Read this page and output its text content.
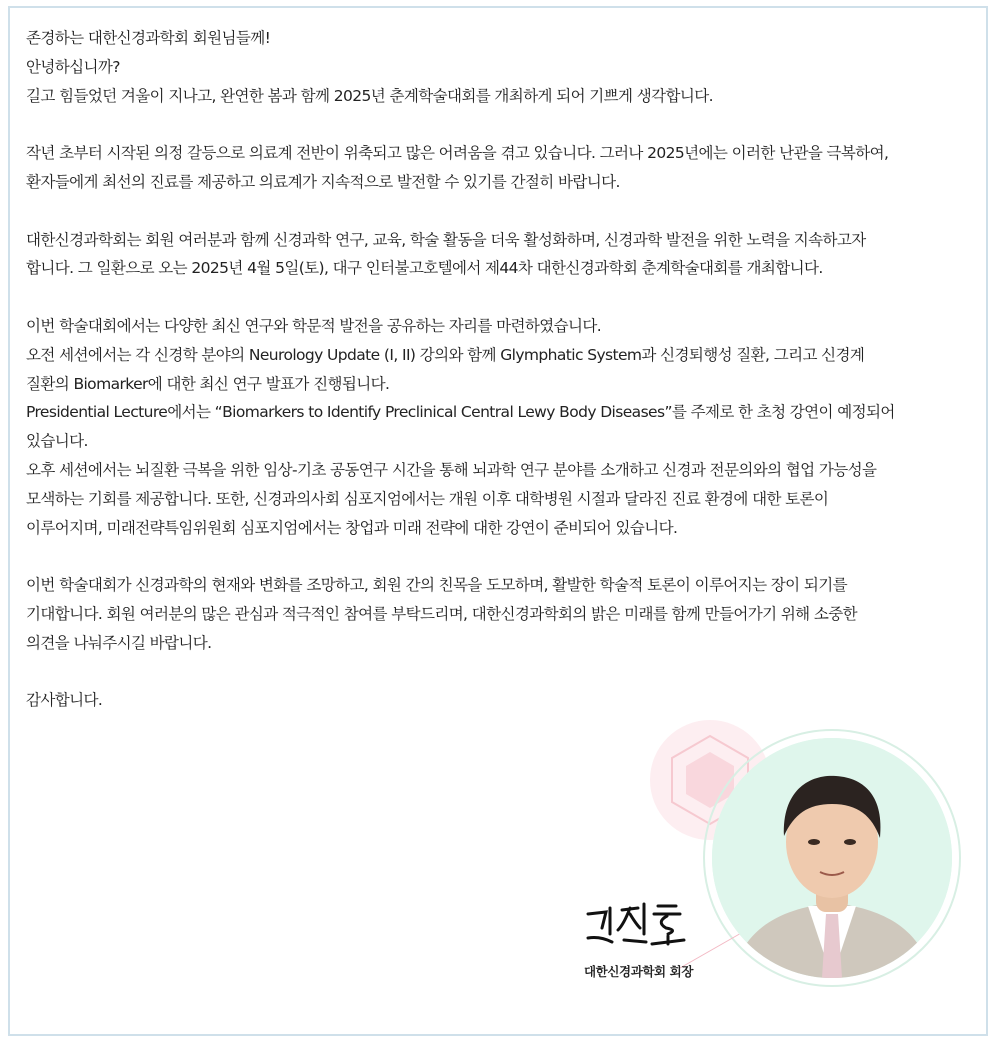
존경하는 대한신경과학회 회원님들께!
안녕하십니까?
길고 힘들었던 겨울이 지나고, 완연한 봄과 함께 2025년 춘계학술대회를 개최하게 되어 기쁘게 생각합니다.
작년 초부터 시작된 의정 갈등으로 의료계 전반이 위축되고 많은 어려움을 겪고 있습니다. 그러나 2025년에는 이러한 난관을 극복하여,
환자들에게 최선의 진료를 제공하고 의료계가 지속적으로 발전할 수 있기를 간절히 바랍니다.
대한신경과학회는 회원 여러분과 함께 신경과학 연구, 교육, 학술 활동을 더욱 활성화하며, 신경과학 발전을 위한 노력을 지속하고자
합니다. 그 일환으로 오는 2025년 4월 5일(토), 대구 인터불고호텔에서 제44차 대한신경과학회 춘계학술대회를 개최합니다.
이번 학술대회에서는 다양한 최신 연구와 학문적 발전을 공유하는 자리를 마련하였습니다.
오전 세션에서는 각 신경학 분야의 Neurology Update (I, II) 강의와 함께 Glymphatic System과 신경퇴행성 질환, 그리고 신경계
질환의 Biomarker에 대한 최신 연구 발표가 진행됩니다.
Presidential Lecture에서는 “Biomarkers to Identify Preclinical Central Lewy Body Diseases”를 주제로 한 초청 강연이 예정되어
있습니다.
오후 세션에서는 뇌질환 극복을 위한 임상-기초 공동연구 시간을 통해 뇌과학 연구 분야를 소개하고 신경과 전문의와의 협업 가능성을
모색하는 기회를 제공합니다. 또한, 신경과의사회 심포지엄에서는 개원 이후 대학병원 시절과 달라진 진료 환경에 대한 토론이
이루어지며, 미래전략특임위원회 심포지엄에서는 창업과 미래 전략에 대한 강연이 준비되어 있습니다.
이번 학술대회가 신경과학의 현재와 변화를 조망하고, 회원 간의 친목을 도모하며, 활발한 학술적 토론이 이루어지는 장이 되기를
기대합니다. 회원 여러분의 많은 관심과 적극적인 참여를 부탁드리며, 대한신경과학회의 밝은 미래를 함께 만들어가기 위해 소중한
의견을 나눠주시길 바랍니다.
감사합니다.
대한신경과학회 회장
